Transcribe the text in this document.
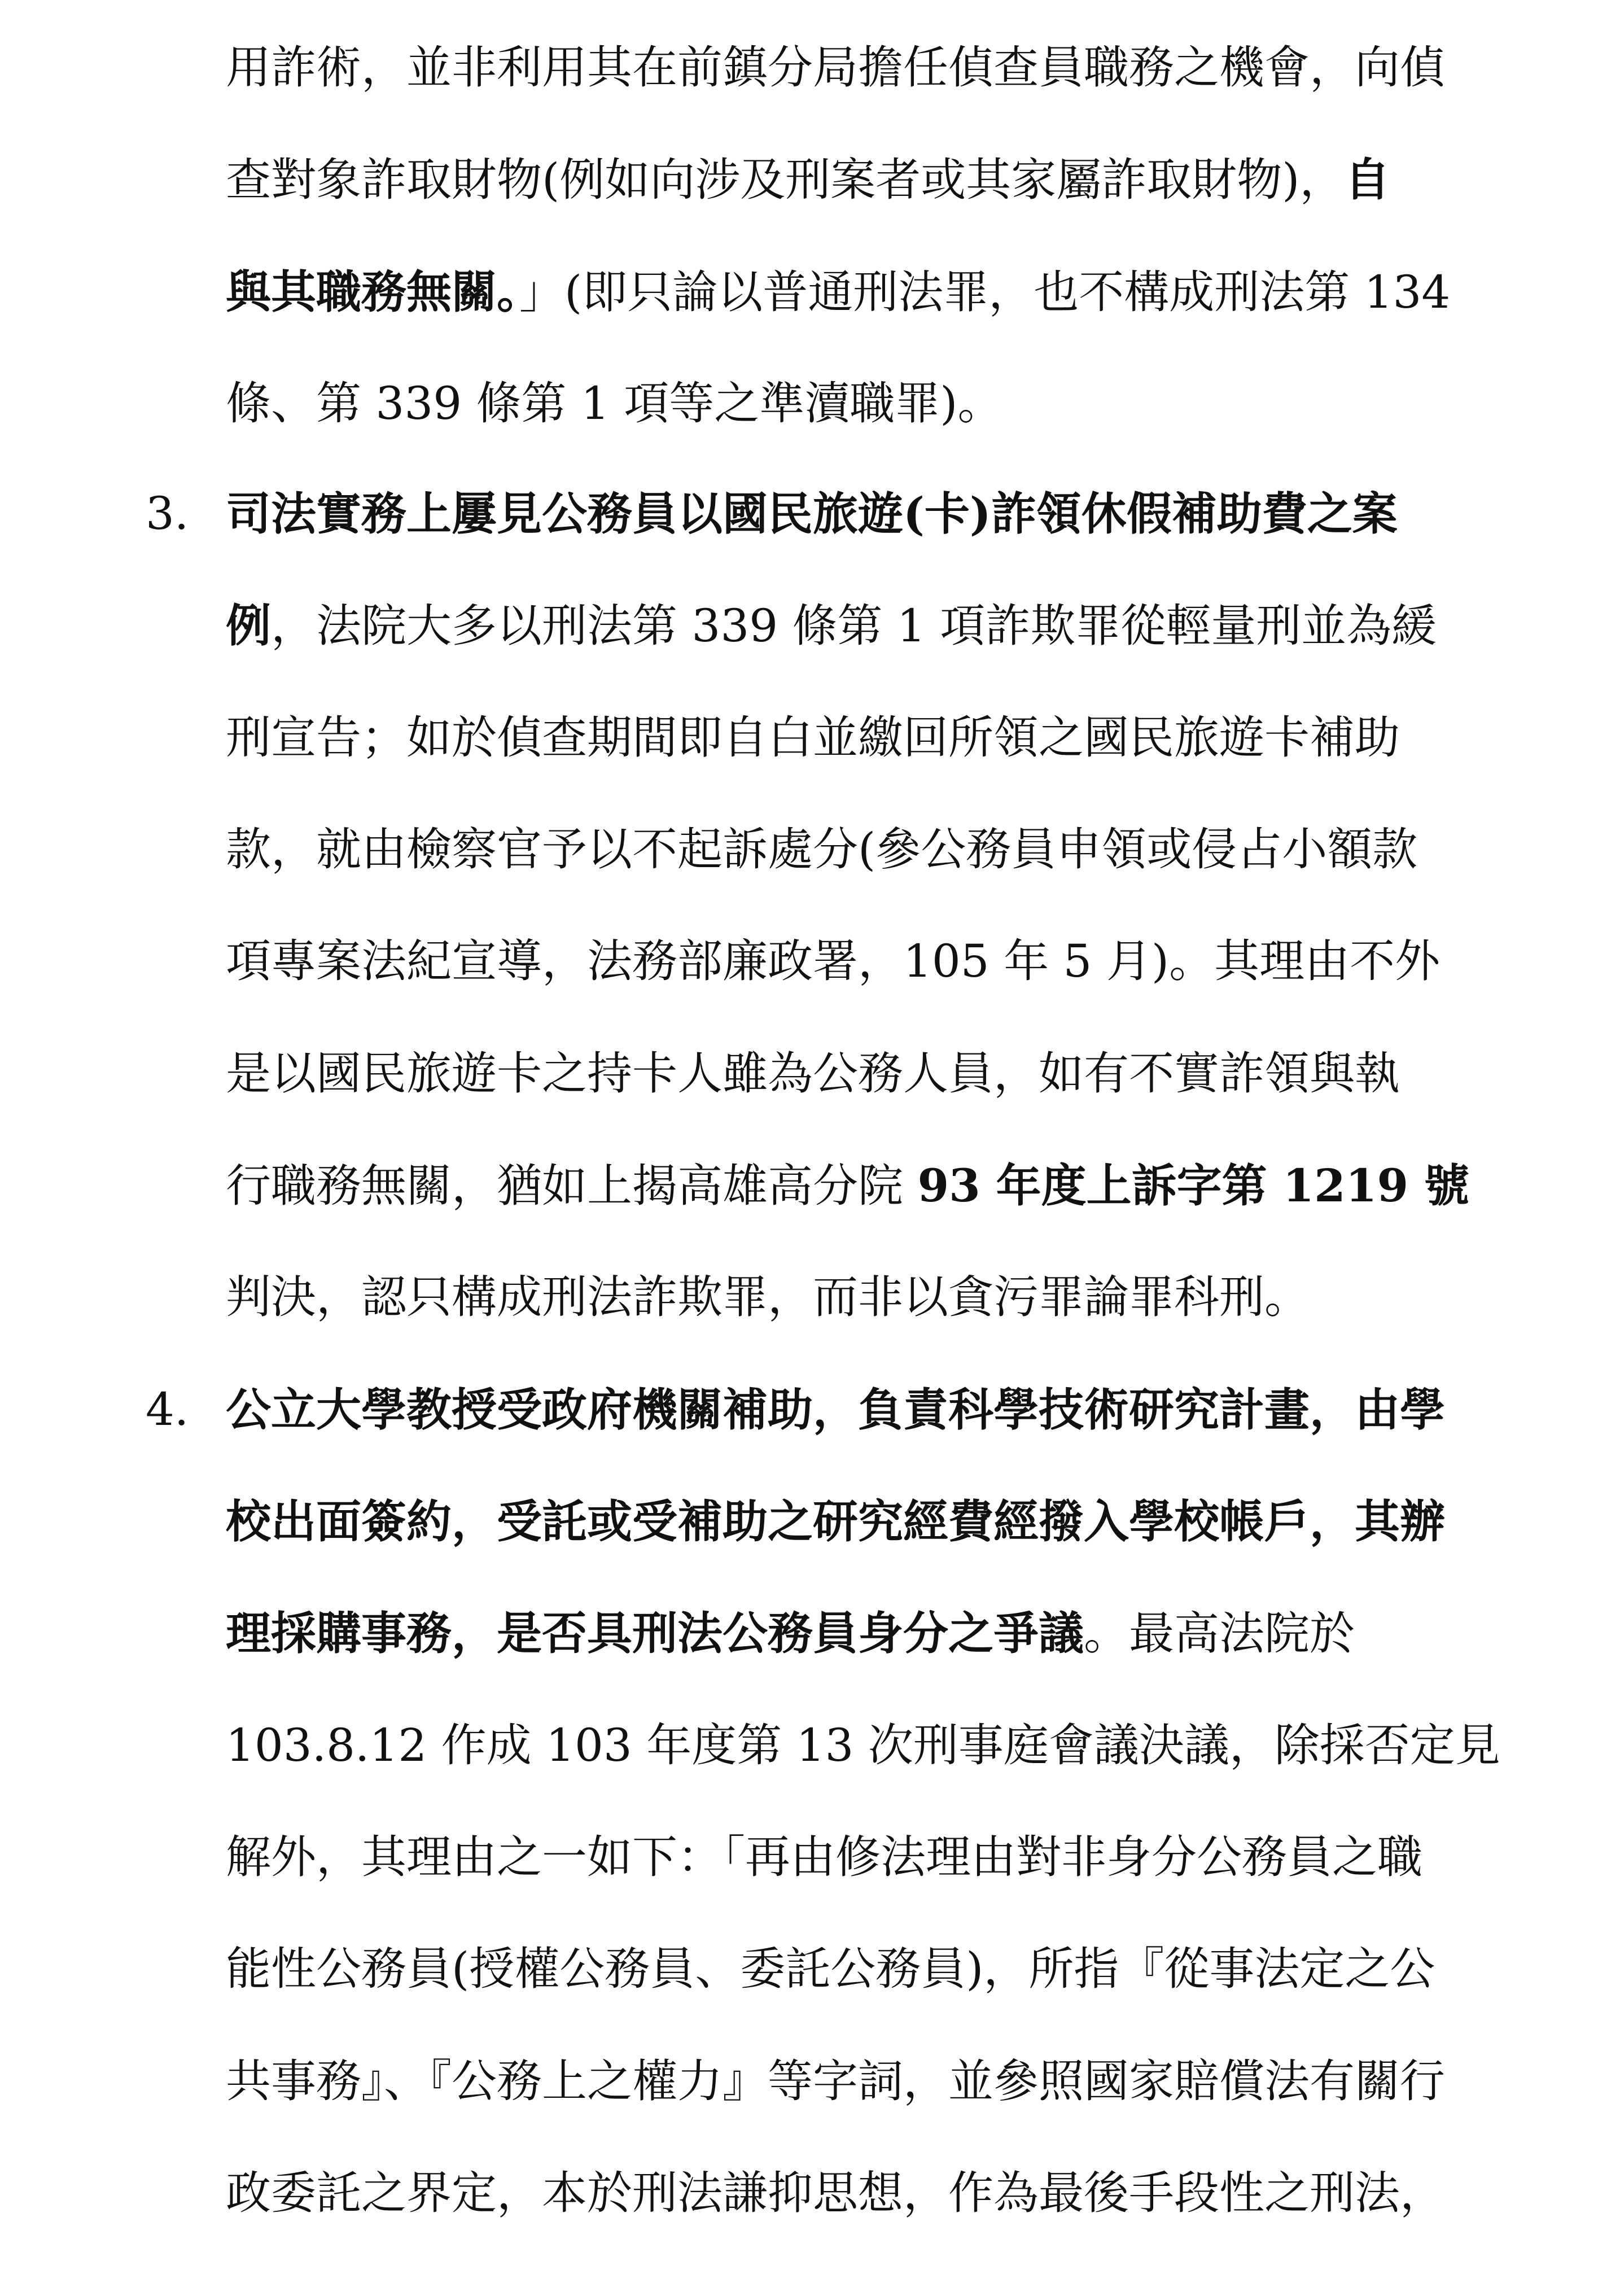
3.
4.
用詐術，並非利用其在前鎮分局擔任偵查員職務之機會，向偵
查對象詐取財物(例如向涉及刑案者或其家屬詐取財物)，自
與其職務無關。」(即只論以普通刑法罪，也不構成刑法第 134
條、第 339 條第 1 項等之準瀆職罪)。
司法實務上屢見公務員以國民旅遊(卡)詐領休假補助費之案
例，法院大多以刑法第 339 條第 1 項詐欺罪從輕量刑並為緩
刑宣告；如於偵查期間即自白並繳回所領之國民旅遊卡補助
款，就由檢察官予以不起訴處分(參公務員申領或侵占小額款
項專案法紀宣導，法務部廉政署，105 年 5 月)。其理由不外
是以國民旅遊卡之持卡人雖為公務人員，如有不實詐領與執
行職務無關，猶如上揭高雄高分院 93 年度上訴字第 1219 號
判決，認只構成刑法詐欺罪，而非以貪污罪論罪科刑。
公立大學教授受政府機關補助，負責科學技術研究計畫，由學
校出面簽約，受託或受補助之研究經費經撥入學校帳戶，其辦
理採購事務，是否具刑法公務員身分之爭議。最高法院於
103.8.12 作成 103 年度第 13 次刑事庭會議決議，除採否定見
解外，其理由之一如下：「再由修法理由對非身分公務員之職
能性公務員(授權公務員、委託公務員)，所指『從事法定之公
共事務』、『公務上之權力』等字詞，並參照國家賠償法有關行
政委託之界定，本於刑法謙抑思想，作為最後手段性之刑法，
